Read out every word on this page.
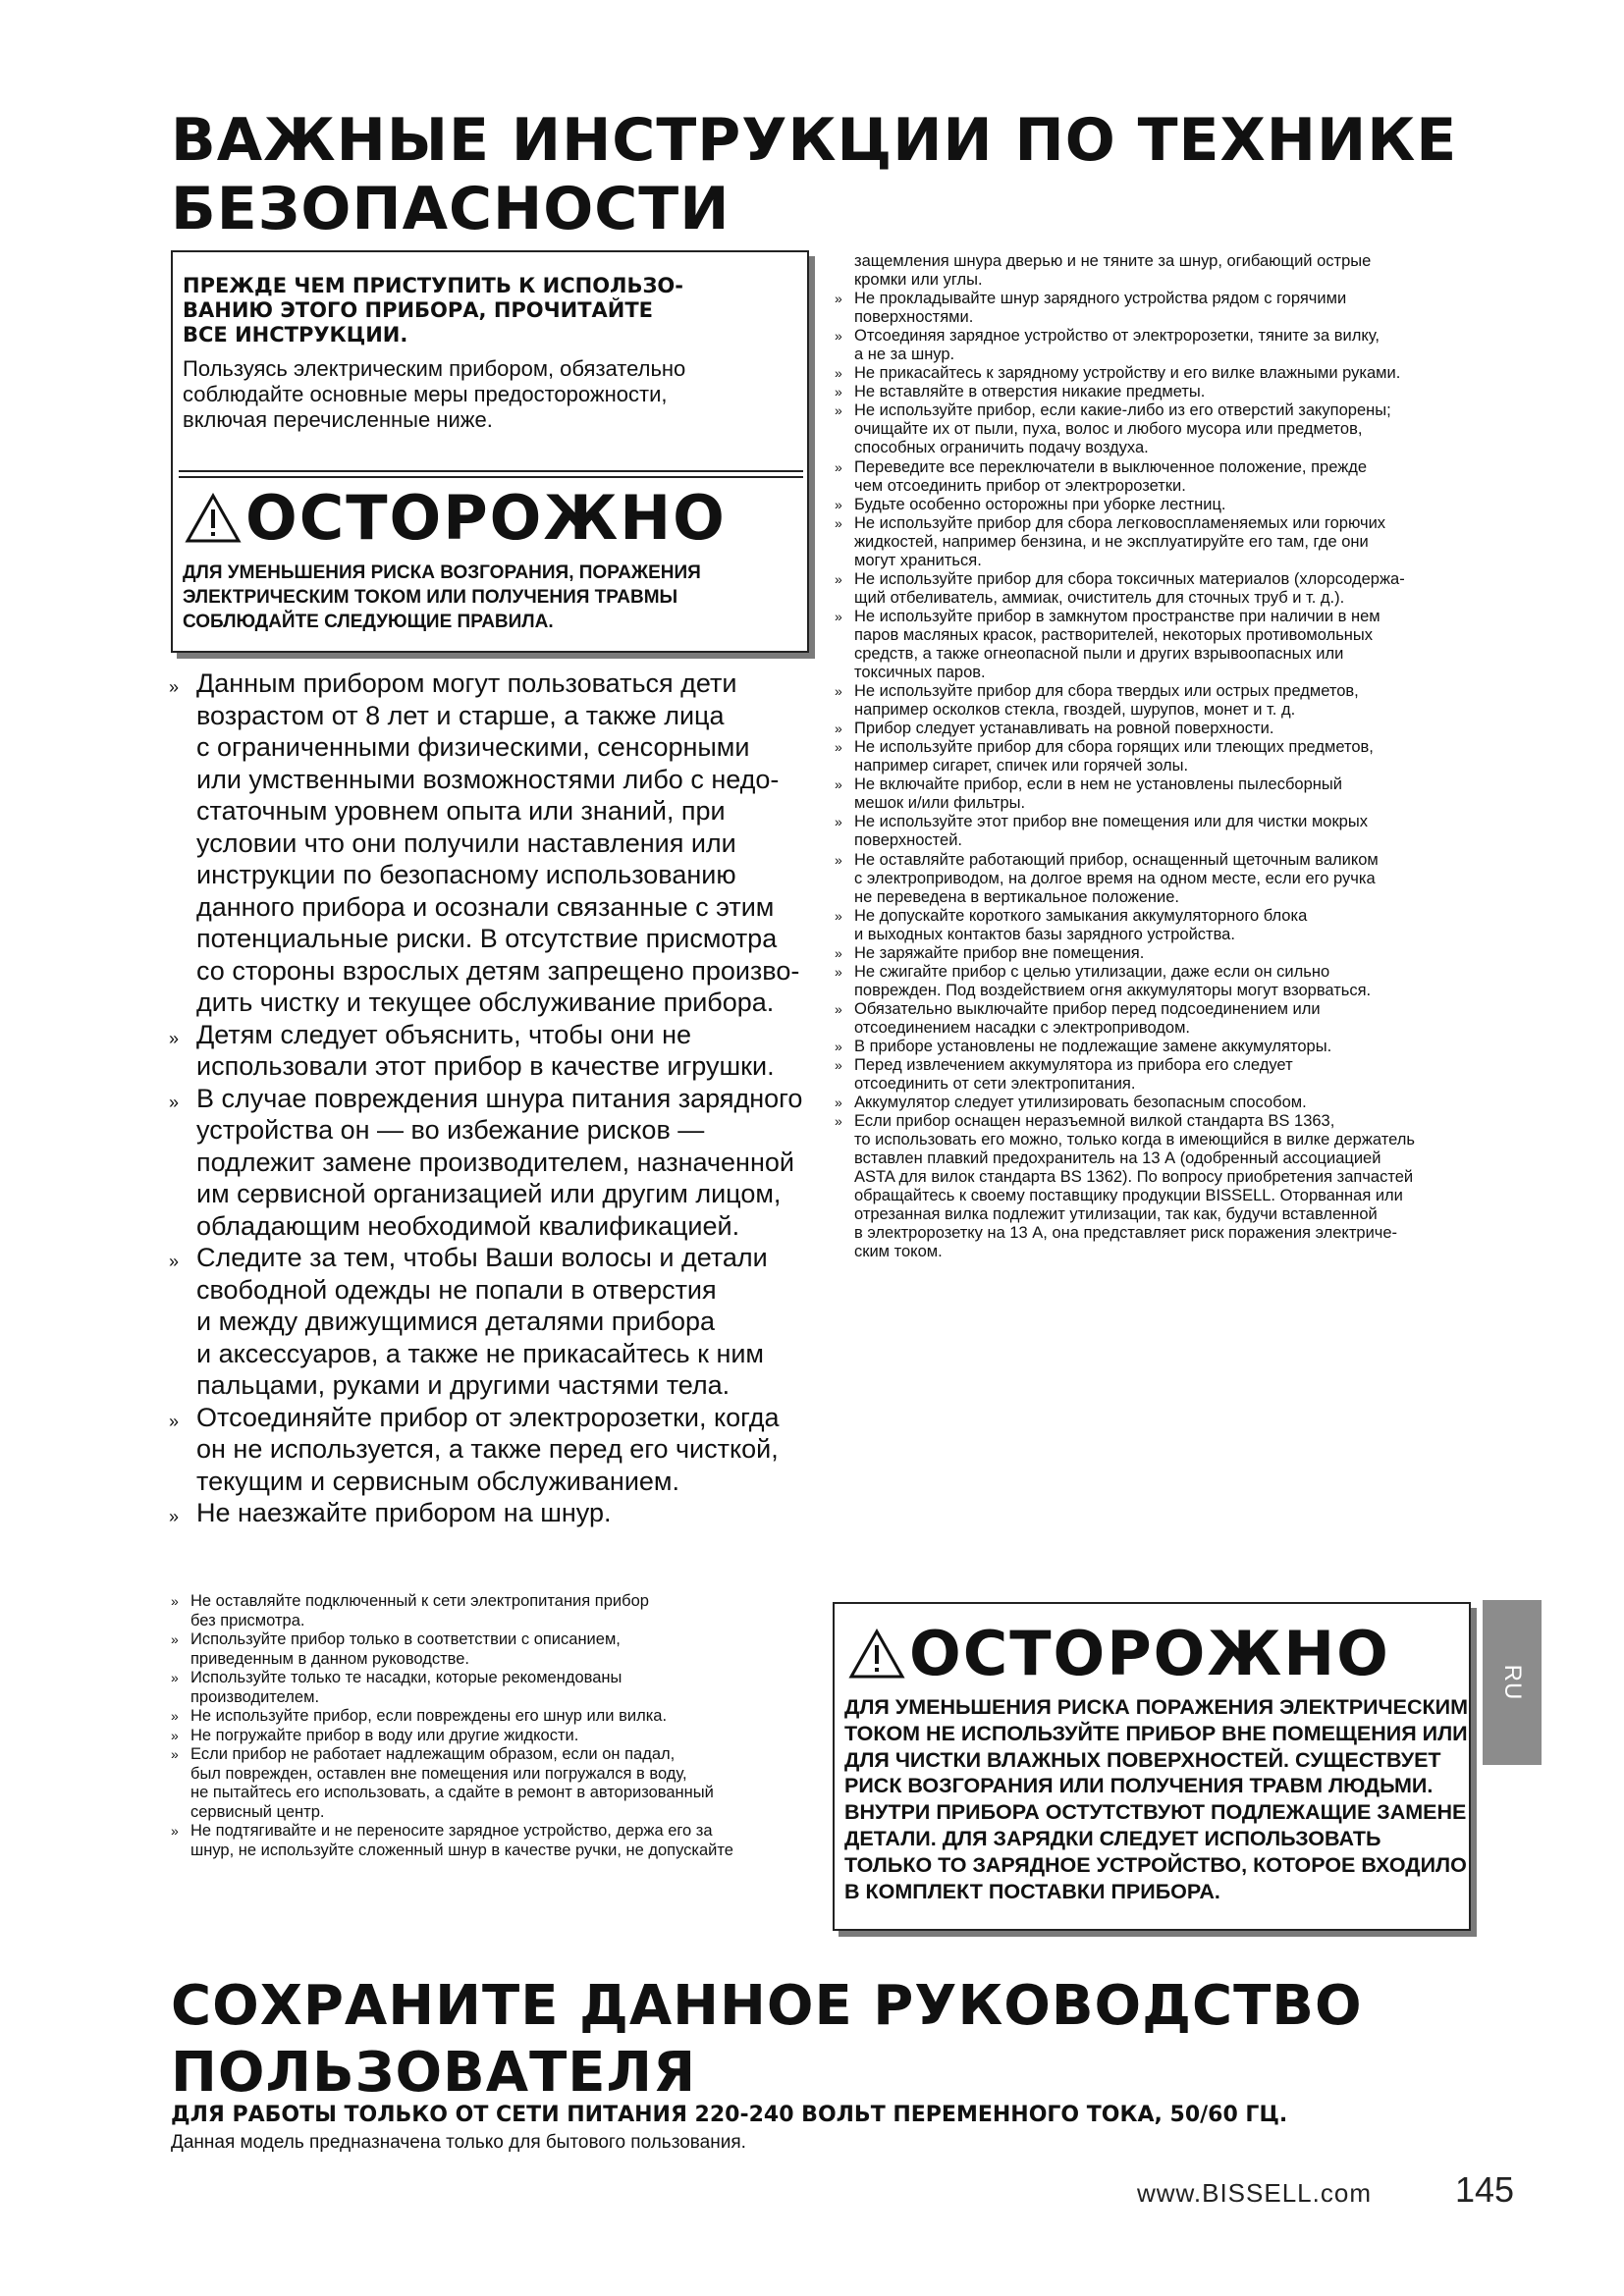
ВАЖНЫЕ ИНСТРУКЦИИ ПО ТЕХНИКЕ
БЕЗОПАСНОСТИ
ПРЕЖДЕ ЧЕМ ПРИСТУПИТЬ К ИСПОЛЬЗО-
ВАНИЮ ЭТОГО ПРИБОРА, ПРОЧИТАЙТЕ
ВСЕ ИНСТРУКЦИИ.
Пользуясь электрическим прибором, обязательно
соблюдайте основные меры предосторожности,
включая перечисленные ниже.
ОСТОРОЖНО
ДЛЯ УМЕНЬШЕНИЯ РИСКА ВОЗГОРАНИЯ, ПОРАЖЕНИЯ
ЭЛЕКТРИЧЕСКИМ ТОКОМ ИЛИ ПОЛУЧЕНИЯ ТРАВМЫ
СОБЛЮДАЙТЕ СЛЕДУЮЩИЕ ПРАВИЛА.
» Данным прибором могут пользоваться дети
возрастом от 8 лет и старше, а также лица
с ограниченными физическими, сенсорными
или умственными возможностями либо с недо-
статочным уровнем опыта или знаний, при
условии что они получили наставления или
инструкции по безопасному использованию
данного прибора и осознали связанные с этим
потенциальные риски. В отсутствие присмотра
со стороны взрослых детям запрещено произво-
дить чистку и текущее обслуживание прибора.
» Детям следует объяснить, чтобы они не
использовали этот прибор в качестве игрушки.
» В случае повреждения шнура питания зарядного
устройства он — во избежание рисков —
подлежит замене производителем, назначенной
им сервисной организацией или другим лицом,
обладающим необходимой квалификацией.
» Следите за тем, чтобы Ваши волосы и детали
свободной одежды не попали в отверстия
и между движущимися деталями прибора
и аксессуаров, а также не прикасайтесь к ним
пальцами, руками и другими частями тела.
» Отсоединяйте прибор от электророзетки, когда
он не используется, а также перед его чисткой,
текущим и сервисным обслуживанием.
» Не наезжайте прибором на шнур.
» Не оставляйте подключенный к сети электропитания прибор
без присмотра.
» Используйте прибор только в соответствии с описанием,
приведенным в данном руководстве.
» Используйте только те насадки, которые рекомендованы
производителем.
» Не используйте прибор, если повреждены его шнур или вилка.
» Не погружайте прибор в воду или другие жидкости.
» Если прибор не работает надлежащим образом, если он падал,
был поврежден, оставлен вне помещения или погружался в воду,
не пытайтесь его использовать, а сдайте в ремонт в авторизованный
сервисный центр.
» Не подтягивайте и не переносите зарядное устройство, держа его за
шнур, не используйте сложенный шнур в качестве ручки, не допускайте
защемления шнура дверью и не тяните за шнур, огибающий острые
кромки или углы.
» Не прокладывайте шнур зарядного устройства рядом с горячими
поверхностями.
» Отсоединяя зарядное устройство от электророзетки, тяните за вилку,
а не за шнур.
» Не прикасайтесь к зарядному устройству и его вилке влажными руками.
» Не вставляйте в отверстия никакие предметы.
» Не используйте прибор, если какие-либо из его отверстий закупорены;
очищайте их от пыли, пуха, волос и любого мусора или предметов,
способных ограничить подачу воздуха.
» Переведите все переключатели в выключенное положение, прежде
чем отсоединить прибор от электророзетки.
» Будьте особенно осторожны при уборке лестниц.
» Не используйте прибор для сбора легковоспламеняемых или горючих
жидкостей, например бензина, и не эксплуатируйте его там, где они
могут храниться.
» Не используйте прибор для сбора токсичных материалов (хлорсодержа-
щий отбеливатель, аммиак, очиститель для сточных труб и т. д.).
» Не используйте прибор в замкнутом пространстве при наличии в нем
паров масляных красок, растворителей, некоторых противомольных
средств, а также огнеопасной пыли и других взрывоопасных или
токсичных паров.
» Не используйте прибор для сбора твердых или острых предметов,
например осколков стекла, гвоздей, шурупов, монет и т. д.
» Прибор следует устанавливать на ровной поверхности.
» Не используйте прибор для сбора горящих или тлеющих предметов,
например сигарет, спичек или горячей золы.
» Не включайте прибор, если в нем не установлены пылесборный
мешок и/или фильтры.
» Не используйте этот прибор вне помещения или для чистки мокрых
поверхностей.
» Не оставляйте работающий прибор, оснащенный щеточным валиком
с электроприводом, на долгое время на одном месте, если его ручка
не переведена в вертикальное положение.
» Не допускайте короткого замыкания аккумуляторного блока
и выходных контактов базы зарядного устройства.
» Не заряжайте прибор вне помещения.
» Не сжигайте прибор с целью утилизации, даже если он сильно
поврежден. Под воздействием огня аккумуляторы могут взорваться.
» Обязательно выключайте прибор перед подсоединением или
отсоединением насадки с электроприводом.
» В приборе установлены не подлежащие замене аккумуляторы.
» Перед извлечением аккумулятора из прибора его следует
отсоединить от сети электропитания.
» Аккумулятор следует утилизировать безопасным способом.
» Если прибор оснащен неразъемной вилкой стандарта BS 1363,
то использовать его можно, только когда в имеющийся в вилке держатель
вставлен плавкий предохранитель на 13 А (одобренный ассоциацией
ASTA для вилок стандарта BS 1362). По вопросу приобретения запчастей
обращайтесь к своему поставщику продукции BISSELL. Оторванная или
отрезанная вилка подлежит утилизации, так как, будучи вставленной
в электророзетку на 13 А, она представляет риск поражения электриче-
ским током.
ОСТОРОЖНО
ДЛЯ УМЕНЬШЕНИЯ РИСКА ПОРАЖЕНИЯ ЭЛЕКТРИЧЕСКИМ
ТОКОМ НЕ ИСПОЛЬЗУЙТЕ ПРИБОР ВНЕ ПОМЕЩЕНИЯ ИЛИ
ДЛЯ ЧИСТКИ ВЛАЖНЫХ ПОВЕРХНОСТЕЙ. СУЩЕСТВУЕТ
РИСК ВОЗГОРАНИЯ ИЛИ ПОЛУЧЕНИЯ ТРАВМ ЛЮДЬМИ.
ВНУТРИ ПРИБОРА ОСТУТСТВУЮТ ПОДЛЕЖАЩИЕ ЗАМЕНЕ
ДЕТАЛИ. ДЛЯ ЗАРЯДКИ СЛЕДУЕТ ИСПОЛЬЗОВАТЬ
ТОЛЬКО ТО ЗАРЯДНОЕ УСТРОЙСТВО, КОТОРОЕ ВХОДИЛО
В КОМПЛЕКТ ПОСТАВКИ ПРИБОРА.
RU
СОХРАНИТЕ ДАННОЕ РУКОВОДСТВО
ПОЛЬЗОВАТЕЛЯ
ДЛЯ РАБОТЫ ТОЛЬКО ОТ СЕТИ ПИТАНИЯ 220-240 ВОЛЬТ ПЕРЕМЕННОГО ТОКА, 50/60 ГЦ.
Данная модель предназначена только для бытового пользования.
www.BISSELL.com 145
